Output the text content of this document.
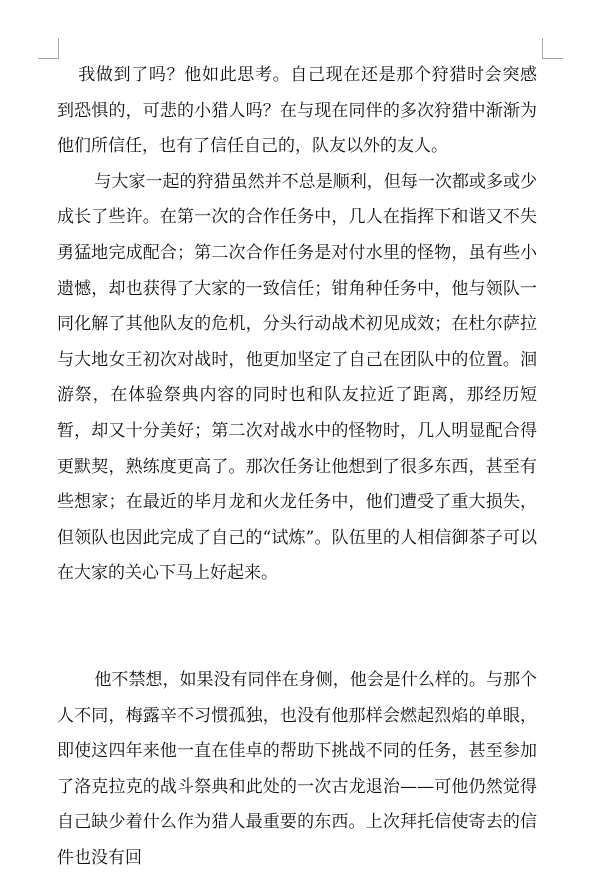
我做到了吗？他如此思考。自己现在还是那个狩猎时会突感到恐惧的，可悲的小猎人吗？在与现在同伴的多次狩猎中渐渐为他们所信任，也有了信任自己的，队友以外的友人。

与大家一起的狩猎虽然并不总是顺利，但每一次都或多或少成长了些许。在第一次的合作任务中，几人在指挥下和谐又不失勇猛地完成配合；第二次合作任务是对付水里的怪物，虽有些小遗憾，却也获得了大家的一致信任；钳角种任务中，他与领队一同化解了其他队友的危机，分头行动战术初见成效；在杜尔萨拉与大地女王初次对战时，他更加坚定了自己在团队中的位置。洄游祭，在体验祭典内容的同时也和队友拉近了距离，那经历短暂，却又十分美好；第二次对战水中的怪物时，几人明显配合得更默契，熟练度更高了。那次任务让他想到了很多东西，甚至有些想家；在最近的毕月龙和火龙任务中，他们遭受了重大损失，但领队也因此完成了自己的“试炼”。队伍里的人相信御茶子可以在大家的关心下马上好起来。

他不禁想，如果没有同伴在身侧，他会是什么样的。与那个人不同，梅露辛不习惯孤独，也没有他那样会燃起烈焰的单眼，即使这四年来他一直在佳卓的帮助下挑战不同的任务，甚至参加了洛克拉克的战斗祭典和此处的一次古龙退治——可他仍然觉得自己缺少着什么作为猎人最重要的东西。上次拜托信使寄去的信件也没有回
